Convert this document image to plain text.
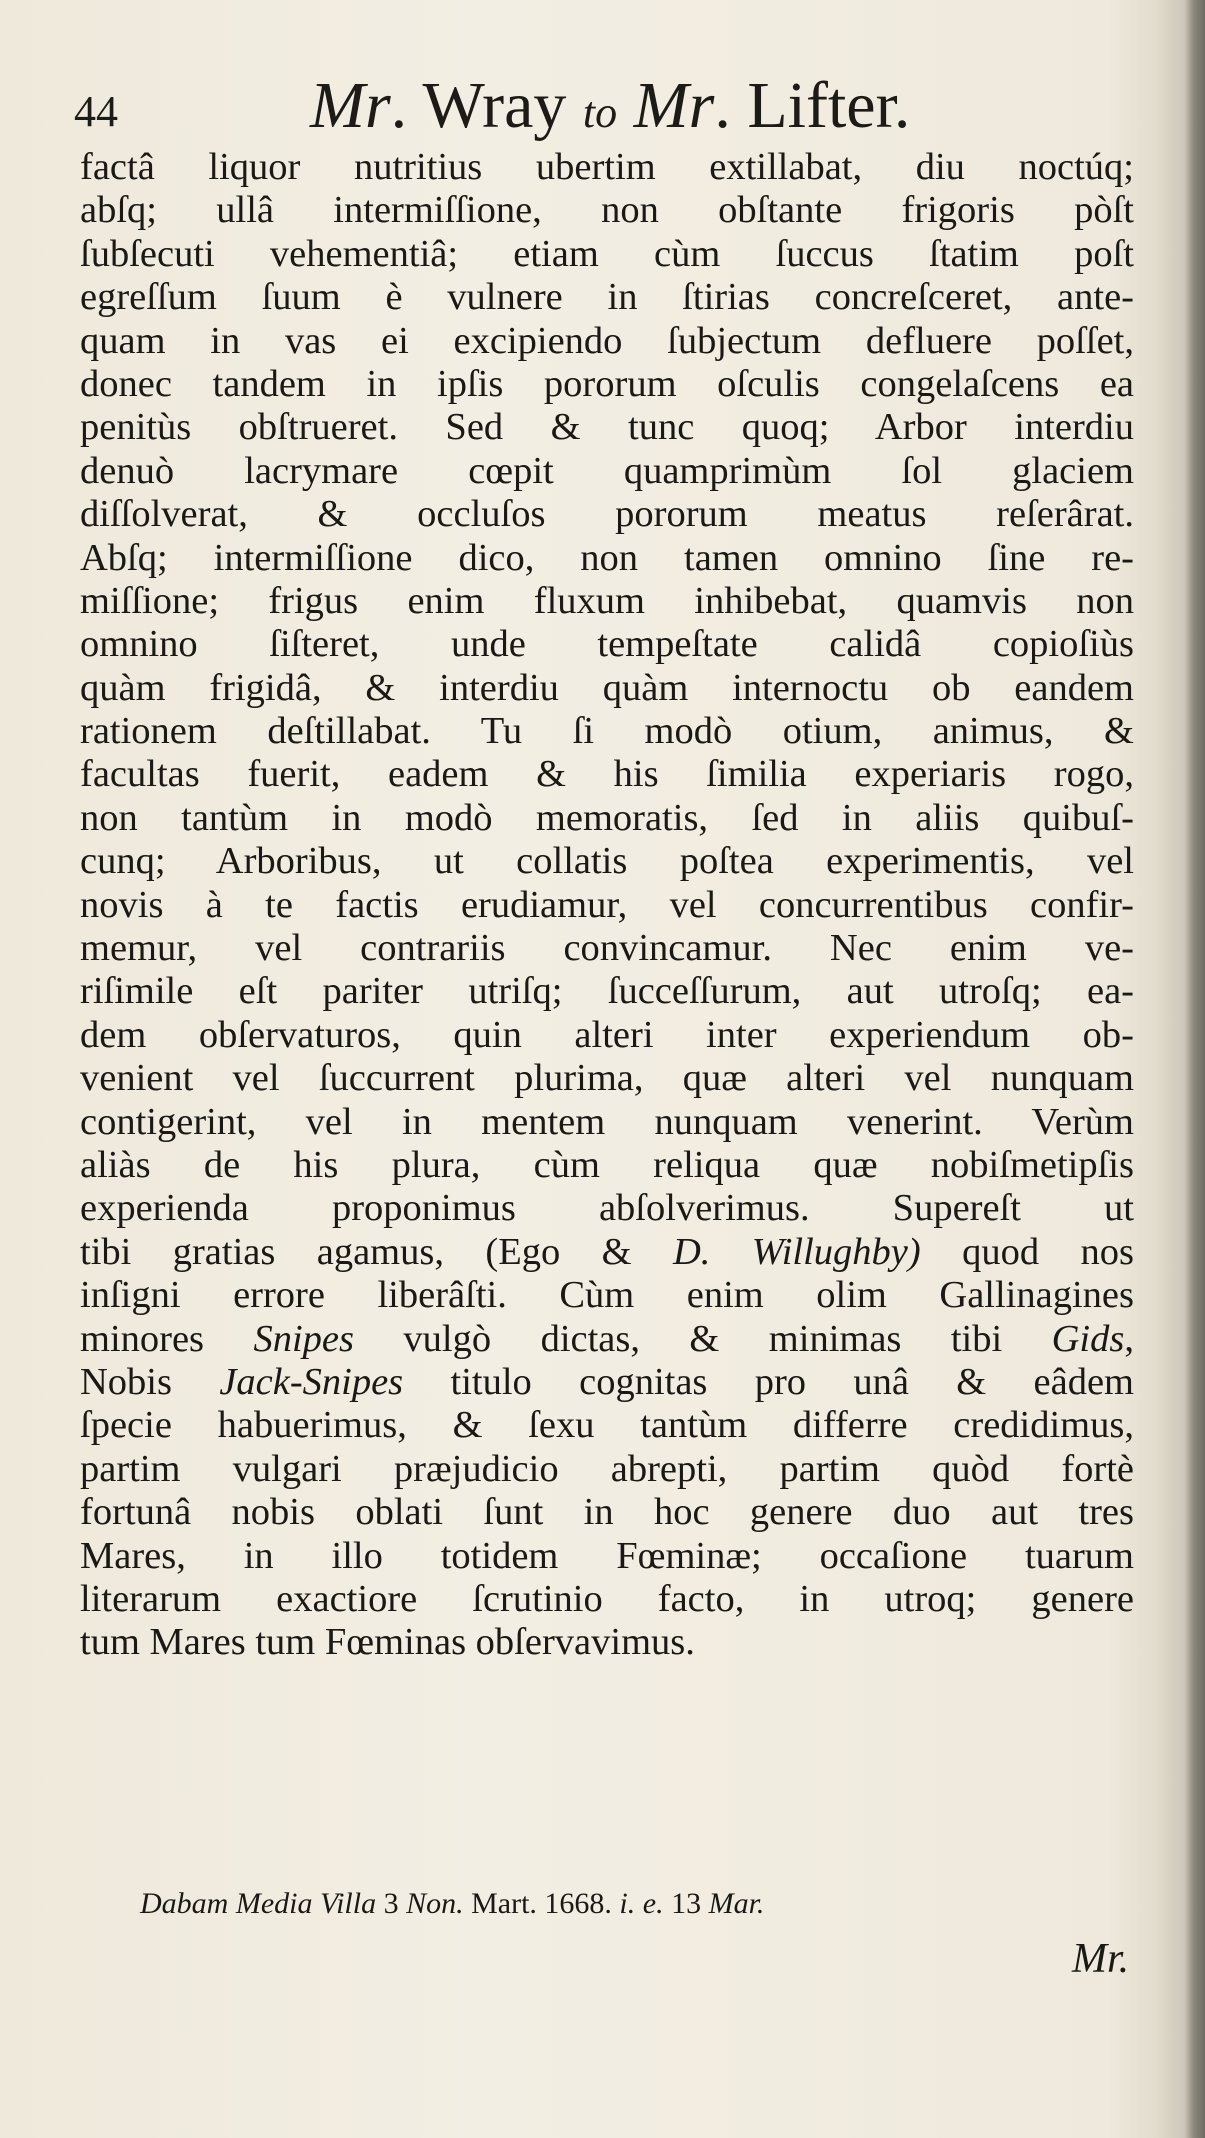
44	Mr. Wray to Mr. Lifter.
factâ liquor nutritius ubertim extillabat, diu noctúq;
abſq; ullâ intermiſſione, non obſtante frigoris pòſt
ſubſecuti vehementiâ; etiam cùm ſuccus ſtatim poſt
egreſſum ſuum è vulnere in ſtirias concreſceret, ante-
quam in vas ei excipiendo ſubjectum defluere poſſet,
donec tandem in ipſis pororum oſculis congelaſcens ea
penitùs obſtrueret. Sed & tunc quoq; Arbor interdiu
denuò lacrymare cœpit quamprimùm ſol glaciem
diſſolverat, & occluſos pororum meatus reſerârat.
Abſq; intermiſſione dico, non tamen omnino ſine re-
miſſione; frigus enim fluxum inhibebat, quamvis non
omnino ſiſteret, unde tempeſtate calidâ copioſiùs
quàm frigidâ, & interdiu quàm internoctu ob eandem
rationem deſtillabat. Tu ſi modò otium, animus, &
facultas fuerit, eadem & his ſimilia experiaris rogo,
non tantùm in modò memoratis, ſed in aliis quibuſ-
cunq; Arboribus, ut collatis poſtea experimentis, vel
novis à te factis erudiamur, vel concurrentibus confir-
memur, vel contrariis convincamur. Nec enim ve-
riſimile eſt pariter utriſq; ſucceſſurum, aut utroſq; ea-
dem obſervaturos, quin alteri inter experiendum ob-
venient vel ſuccurrent plurima, quæ alteri vel nunquam
contigerint, vel in mentem nunquam venerint. Verùm
aliàs de his plura, cùm reliqua quæ nobiſmetipſis
experienda proponimus abſolverimus. Supereſt ut
tibi gratias agamus, (Ego & D. Willughby) quod nos
inſigni errore liberâſti. Cùm enim olim Gallinagines
minores Snipes vulgò dictas, & minimas tibi Gids,
Nobis Jack-Snipes titulo cognitas pro unâ & eâdem
ſpecie habuerimus, & ſexu tantùm differre credidimus,
partim vulgari præjudicio abrepti, partim quòd fortè
fortunâ nobis oblati ſunt in hoc genere duo aut tres
Mares, in illo totidem Fœminæ; occaſione tuarum
literarum exactiore ſcrutinio facto, in utroq; genere
tum Mares tum Fœminas obſervavimus.
Dabam Media Villa 3 Non. Mart. 1668. i. e. 13 Mar.
Mr.
